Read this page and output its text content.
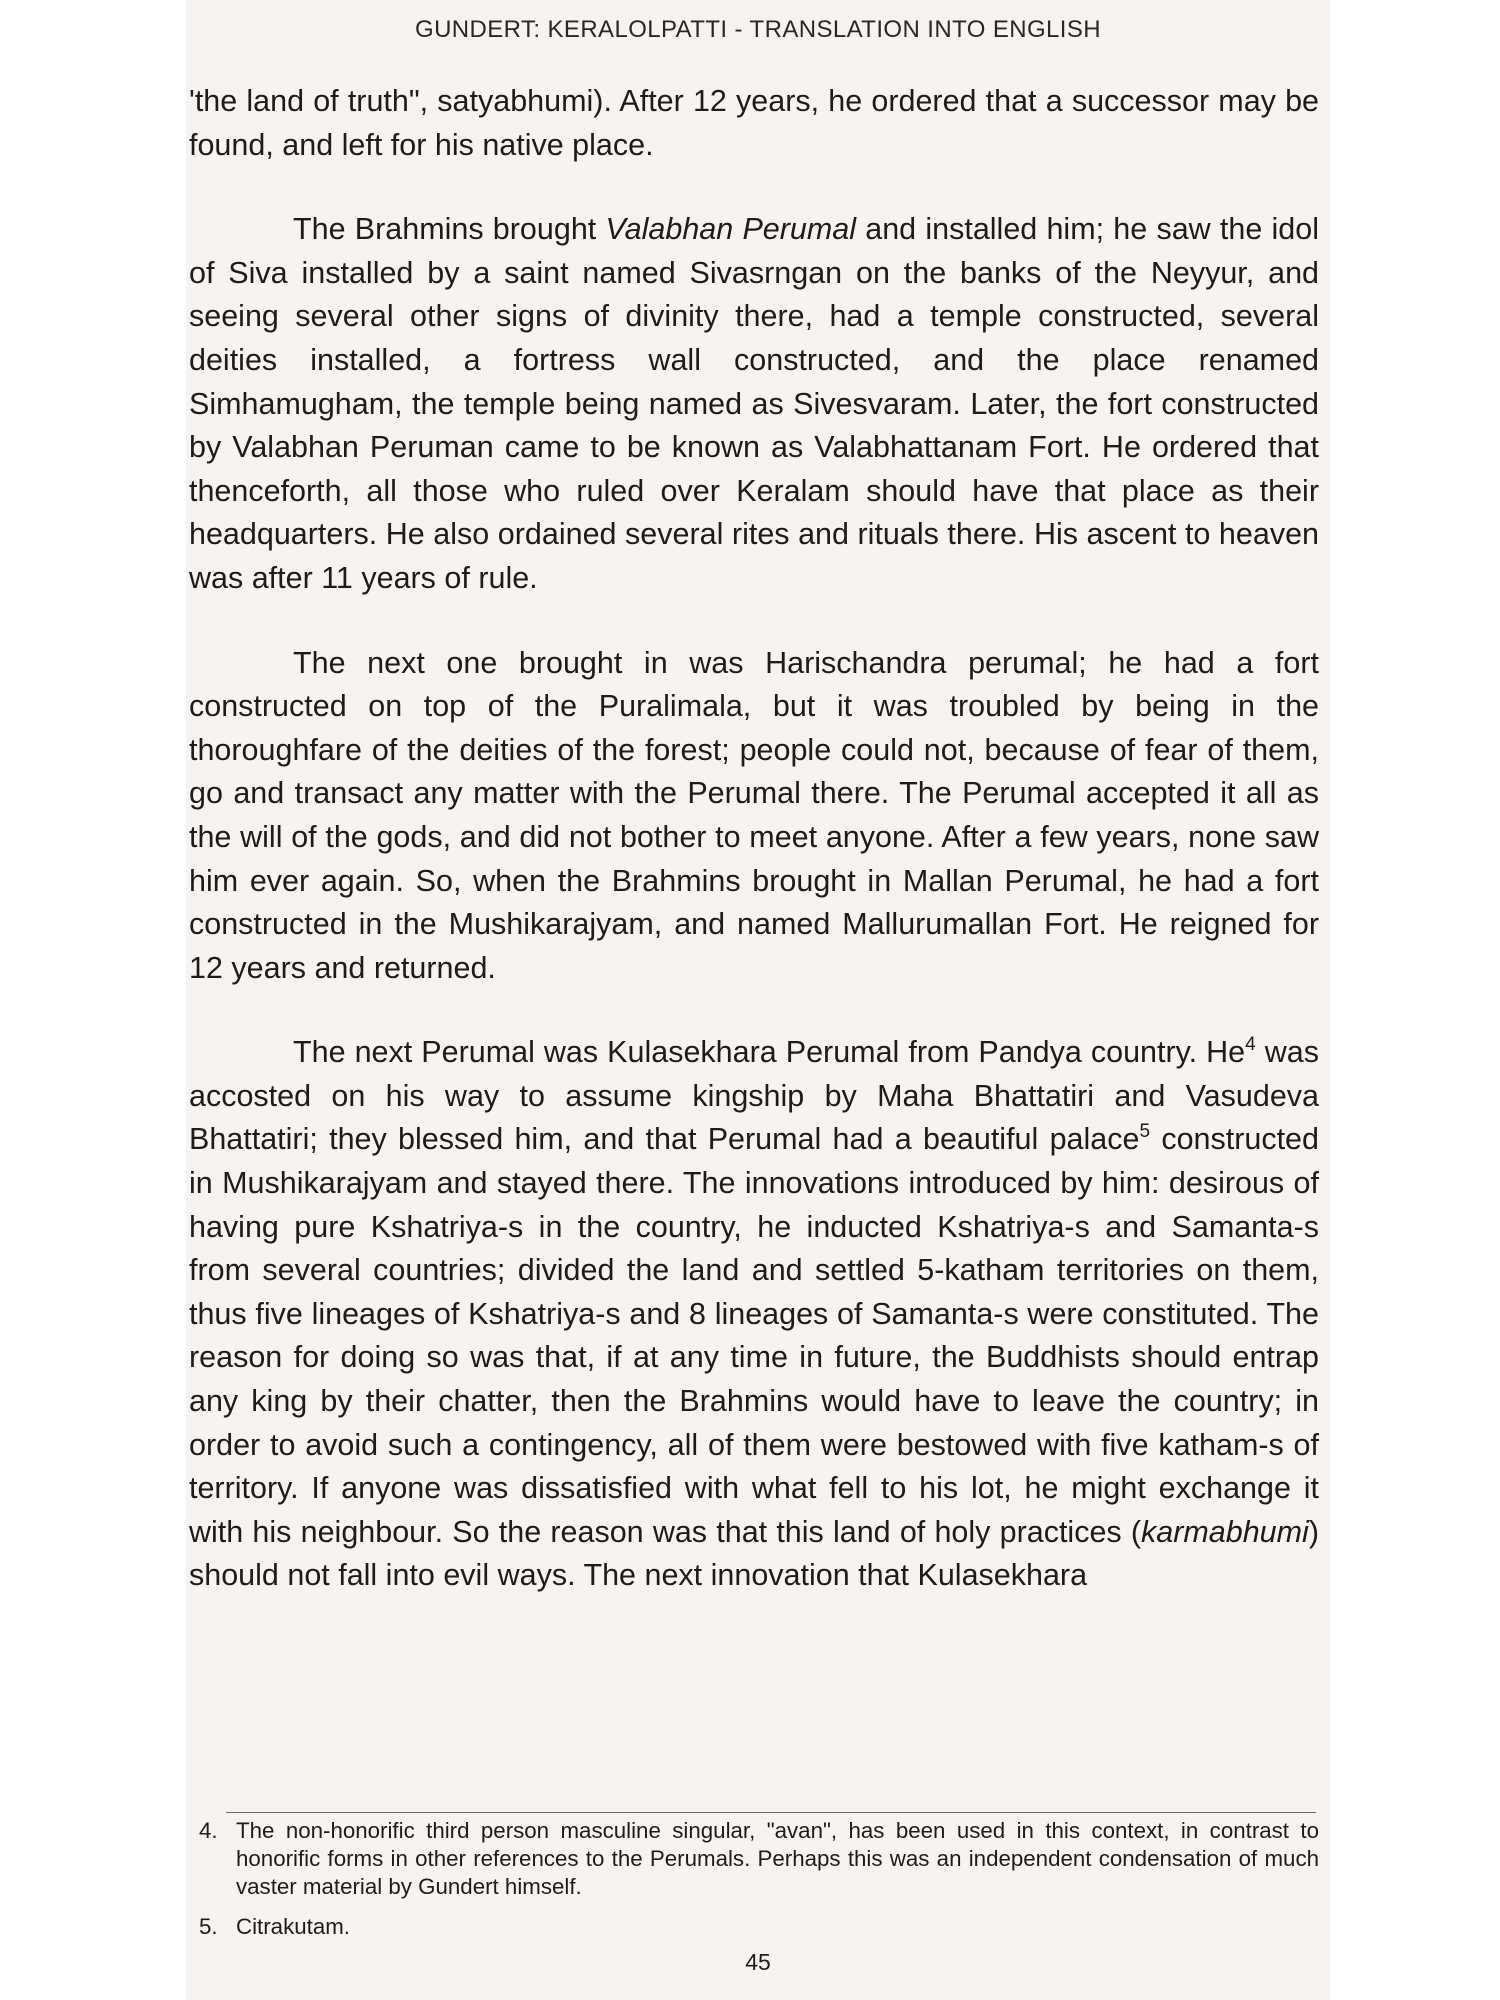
GUNDERT: KERALOLPATTI - TRANSLATION INTO ENGLISH

'the land of truth", satyabhumi). After 12 years, he ordered that a successor may be found, and left for his native place.

The Brahmins brought Valabhan Perumal and installed him; he saw the idol of Siva installed by a saint named Sivasrngan on the banks of the Neyyur, and seeing several other signs of divinity there, had a temple constructed, several deities installed, a fortress wall constructed, and the place renamed Simhamugham, the temple being named as Sivesvaram. Later, the fort constructed by Valabhan Peruman came to be known as Valabhattanam Fort. He ordered that thenceforth, all those who ruled over Keralam should have that place as their headquarters. He also ordained several rites and rituals there. His ascent to heaven was after 11 years of rule.

The next one brought in was Harischandra perumal; he had a fort constructed on top of the Puralimala, but it was troubled by being in the thoroughfare of the deities of the forest; people could not, because of fear of them, go and transact any matter with the Perumal there. The Perumal accepted it all as the will of the gods, and did not bother to meet anyone. After a few years, none saw him ever again. So, when the Brahmins brought in Mallan Perumal, he had a fort constructed in the Mushikarajyam, and named Mallurumallan Fort. He reigned for 12 years and returned.

The next Perumal was Kulasekhara Perumal from Pandya country. He$^4$ was accosted on his way to assume kingship by Maha Bhattatiri and Vasudeva Bhattatiri; they blessed him, and that Perumal had a beautiful palace$^5$ constructed in Mushikarajyam and stayed there. The innovations introduced by him: desirous of having pure Kshatriya-s in the country, he inducted Kshatriya-s and Samanta-s from several countries; divided the land and settled 5-katham territories on them, thus five lineages of Kshatriya-s and 8 lineages of Samanta-s were constituted. The reason for doing so was that, if at any time in future, the Buddhists should entrap any king by their chatter, then the Brahmins would have to leave the country; in order to avoid such a contingency, all of them were bestowed with five katham-s of territory. If anyone was dissatisfied with what fell to his lot, he might exchange it with his neighbour. So the reason was that this land of holy practices (karmabhumi) should not fall into evil ways. The next innovation that Kulasekhara

4. The non-honorific third person masculine singular, "avan", has been used in this context, in contrast to honorific forms in other references to the Perumals. Perhaps this was an independent condensation of much vaster material by Gundert himself.
5. Citrakutam.
45
